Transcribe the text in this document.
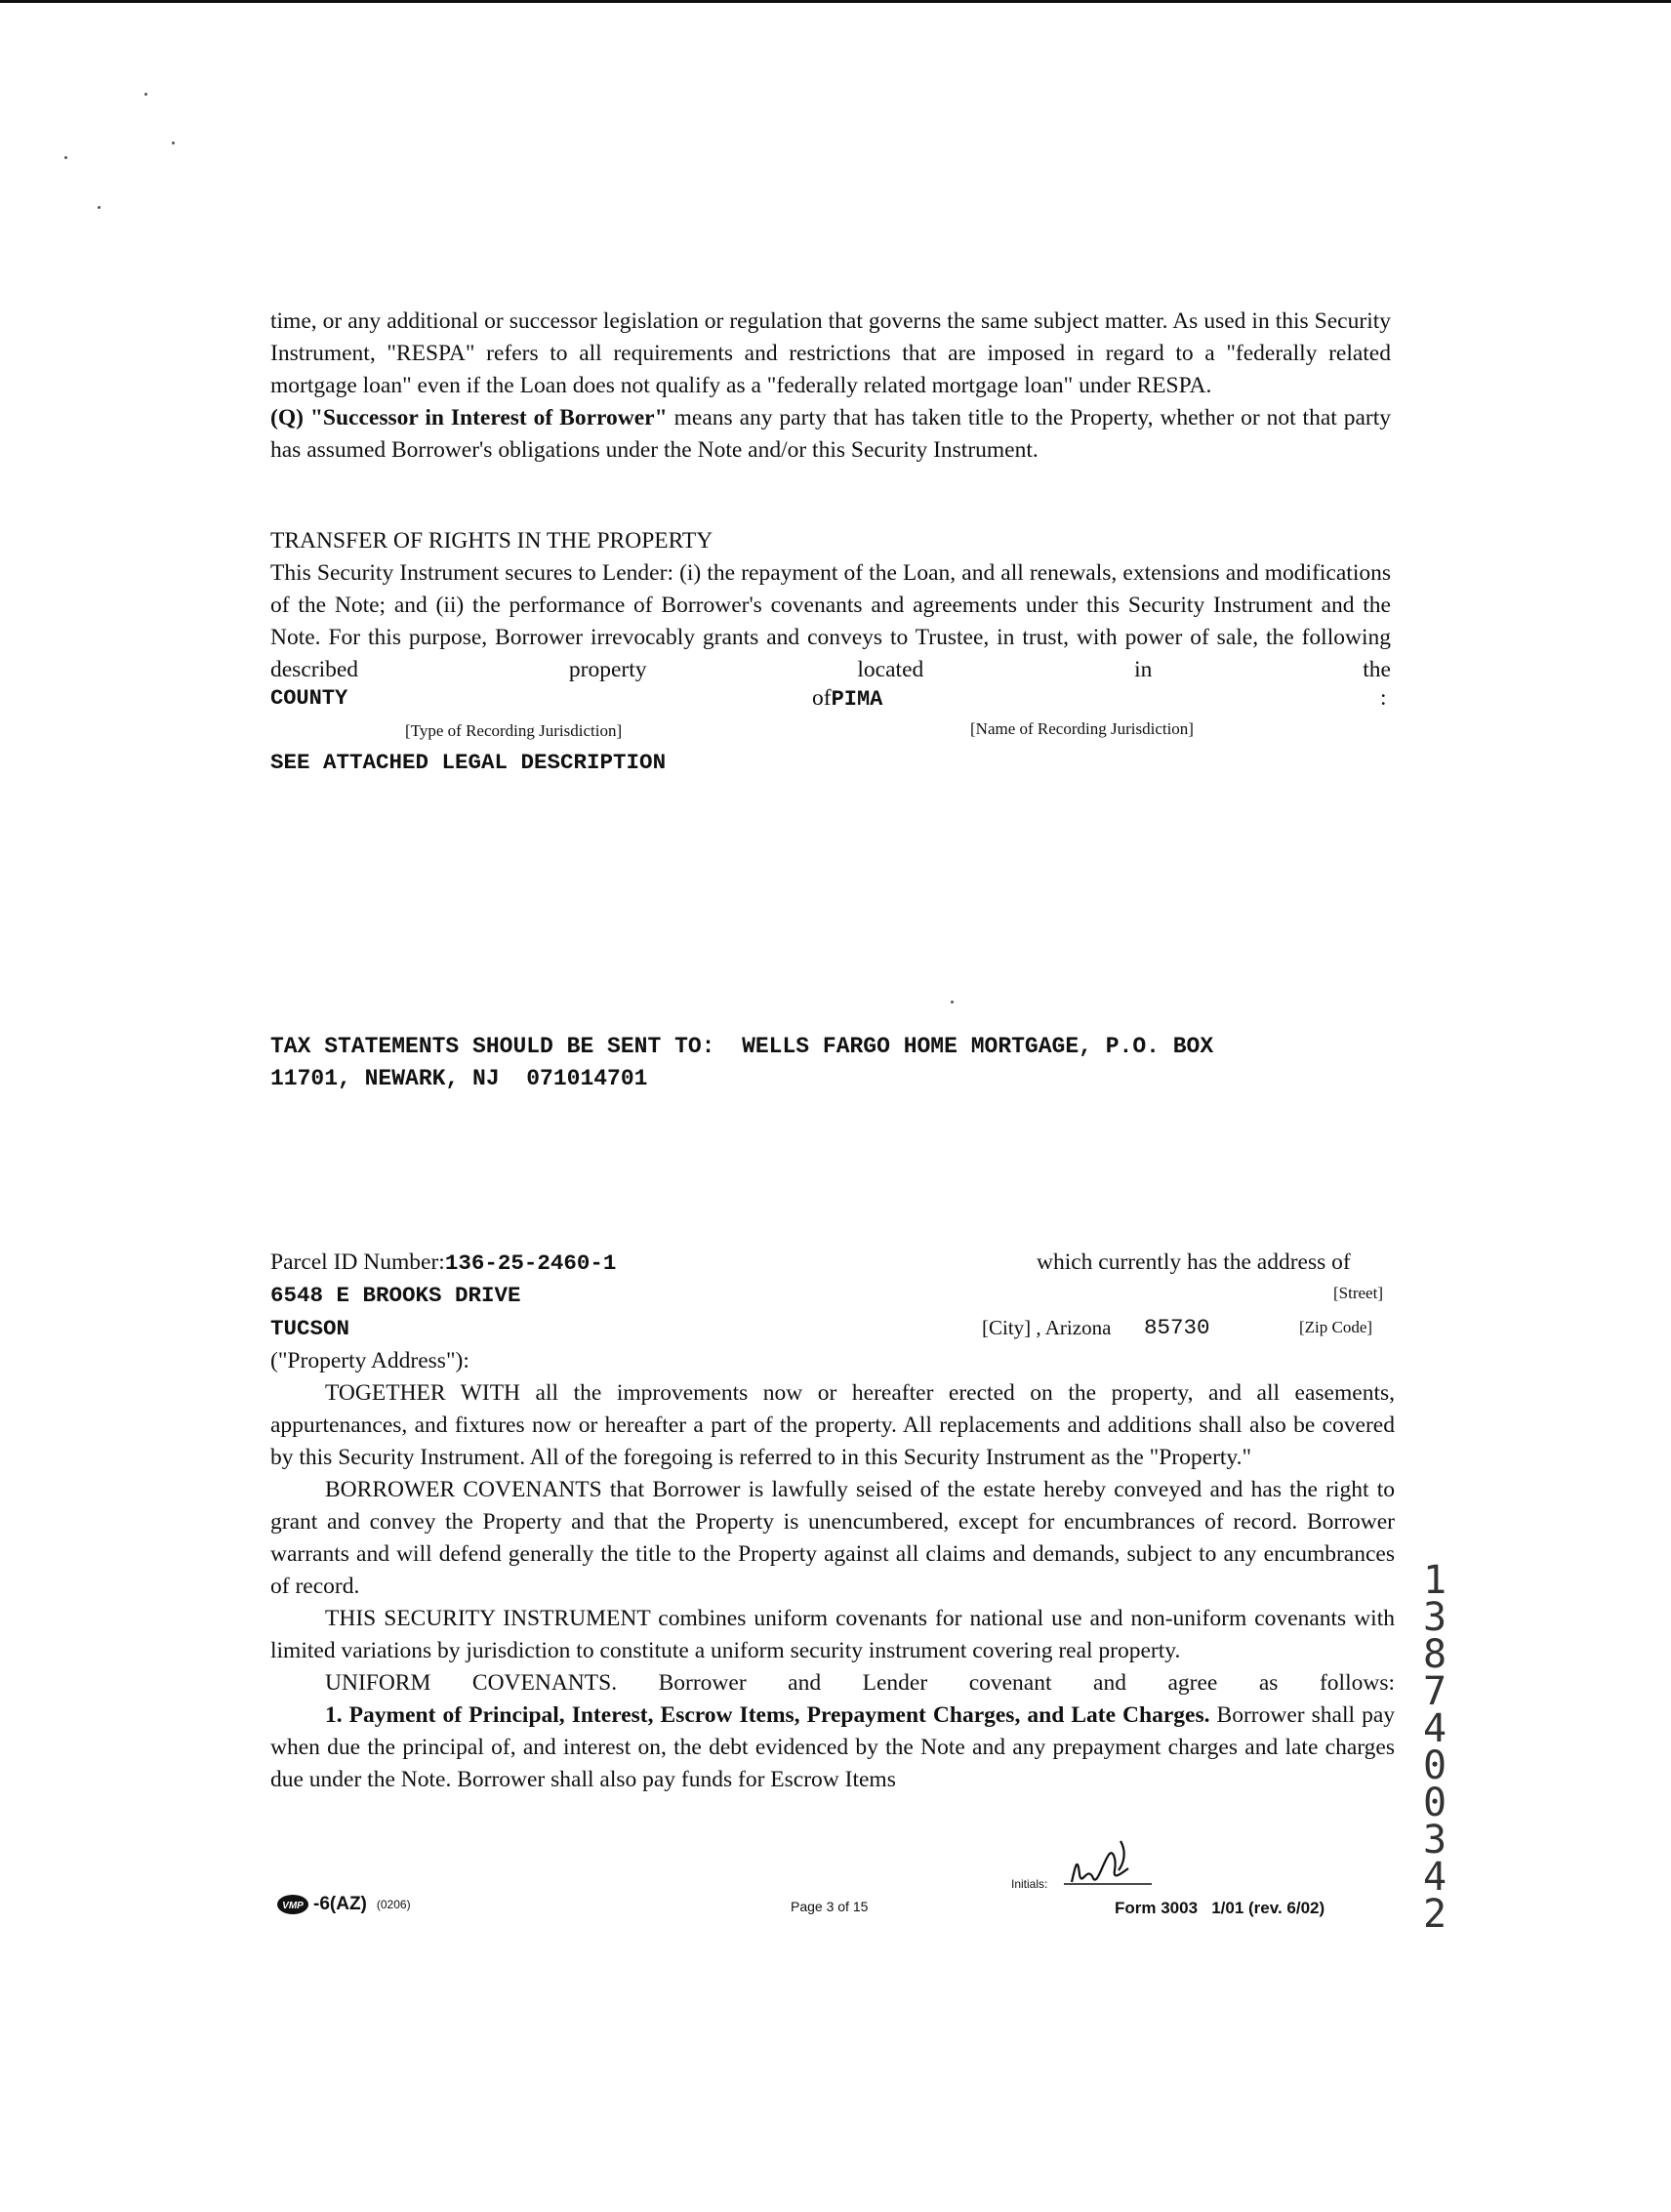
time, or any additional or successor legislation or regulation that governs the same subject matter. As used in this Security Instrument, "RESPA" refers to all requirements and restrictions that are imposed in regard to a "federally related mortgage loan" even if the Loan does not qualify as a "federally related mortgage loan" under RESPA.

(Q) "Successor in Interest of Borrower" means any party that has taken title to the Property, whether or not that party has assumed Borrower's obligations under the Note and/or this Security Instrument.

TRANSFER OF RIGHTS IN THE PROPERTY

This Security Instrument secures to Lender: (i) the repayment of the Loan, and all renewals, extensions and modifications of the Note; and (ii) the performance of Borrower's covenants and agreements under this Security Instrument and the Note. For this purpose, Borrower irrevocably grants and conveys to Trustee, in trust, with power of sale, the following described property located in the

COUNTY	ofPIMA	:
[Type of Recording Jurisdiction]	[Name of Recording Jurisdiction]
SEE ATTACHED LEGAL DESCRIPTION
TAX STATEMENTS SHOULD BE SENT TO:  WELLS FARGO HOME MORTGAGE, P.O. BOX
11701, NEWARK, NJ  071014701
Parcel ID Number:136-25-2460-1	which currently has the address of
6548 E BROOKS DRIVE	[Street]
TUCSON	[City] , Arizona 85730	[Zip Code]
("Property Address"):

TOGETHER WITH all the improvements now or hereafter erected on the property, and all easements, appurtenances, and fixtures now or hereafter a part of the property. All replacements and additions shall also be covered by this Security Instrument. All of the foregoing is referred to in this Security Instrument as the "Property."

BORROWER COVENANTS that Borrower is lawfully seised of the estate hereby conveyed and has the right to grant and convey the Property and that the Property is unencumbered, except for encumbrances of record. Borrower warrants and will defend generally the title to the Property against all claims and demands, subject to any encumbrances of record.

THIS SECURITY INSTRUMENT combines uniform covenants for national use and non-uniform covenants with limited variations by jurisdiction to constitute a uniform security instrument covering real property.

UNIFORM COVENANTS. Borrower and Lender covenant and agree as follows:

1. Payment of Principal, Interest, Escrow Items, Prepayment Charges, and Late Charges. Borrower shall pay when due the principal of, and interest on, the debt evidenced by the Note and any prepayment charges and late charges due under the Note. Borrower shall also pay funds for Escrow Items

VMP -6(AZ) (0206)	Page 3 of 15
Initials:
Form 3003   1/01 (rev. 6/02)
1387400342
